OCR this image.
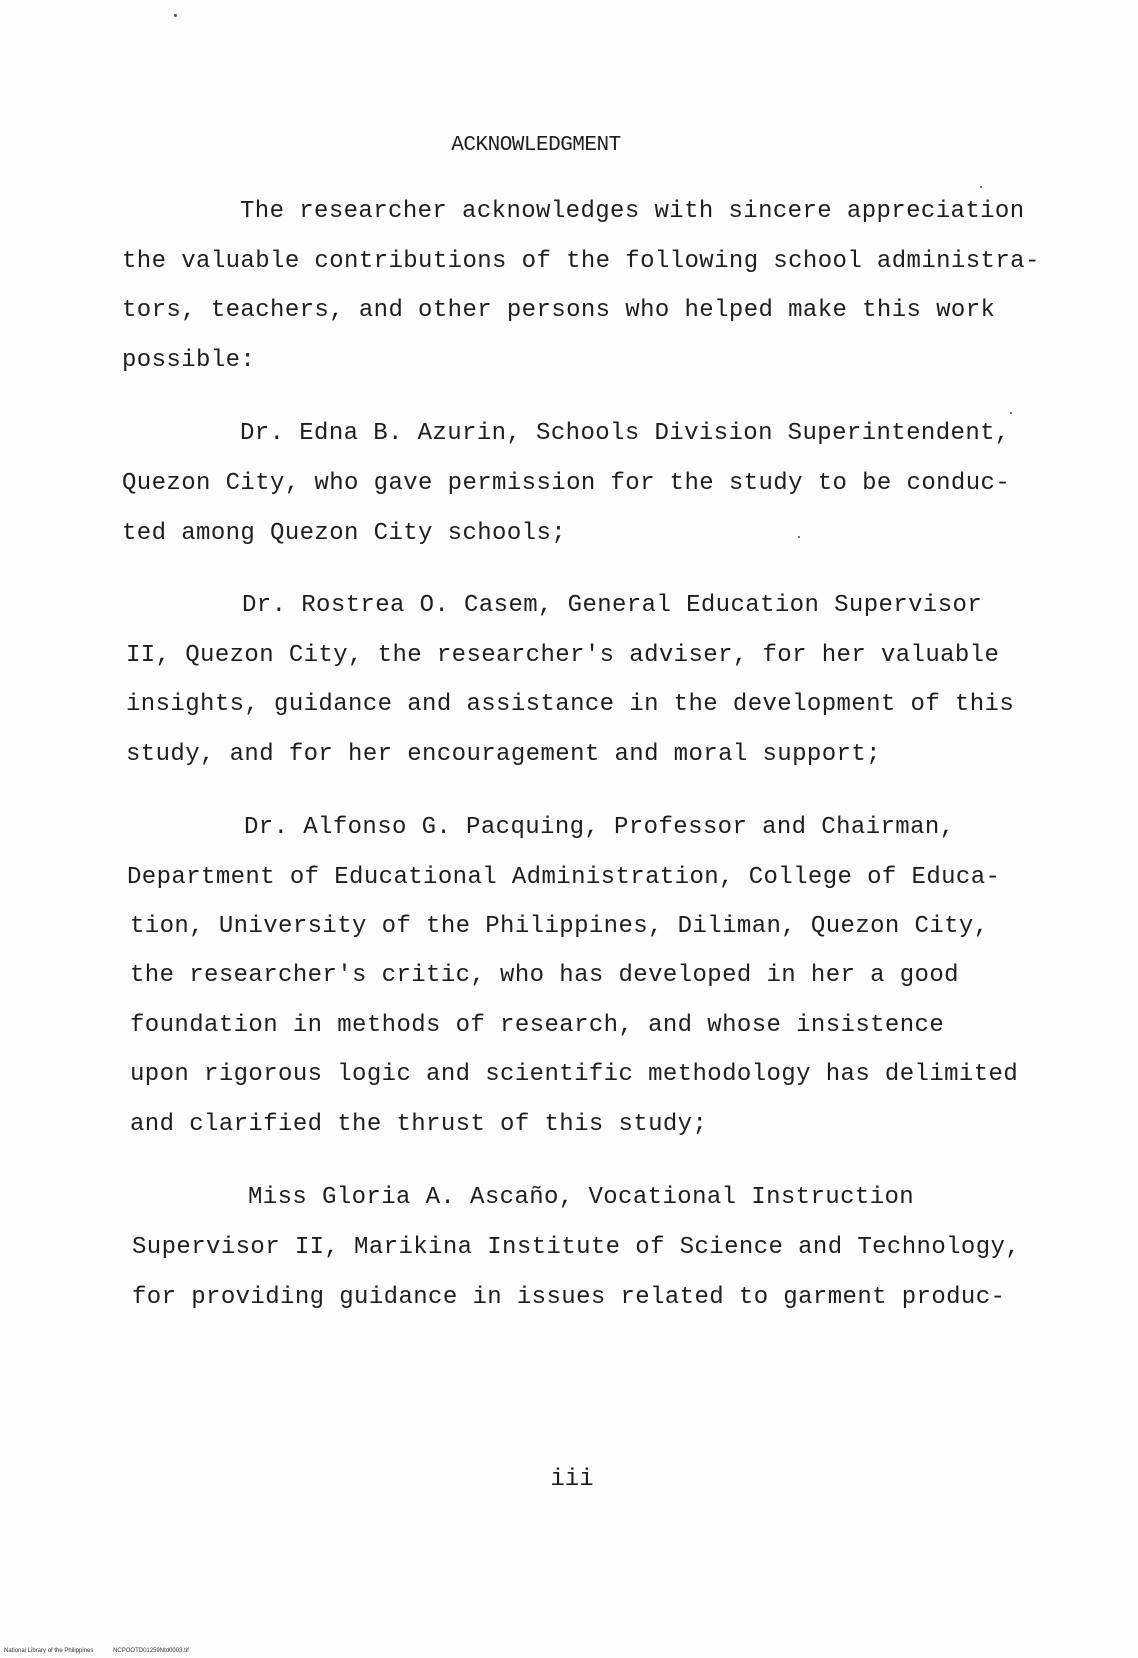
ACKNOWLEDGMENT
The researcher acknowledges with sincere appreciation
the valuable contributions of the following school administra-
tors, teachers, and other persons who helped make this work
possible:
Dr. Edna B. Azurin, Schools Division Superintendent,
Quezon City, who gave permission for the study to be conduc-
ted among Quezon City schools;
Dr. Rostrea O. Casem, General Education Supervisor
II, Quezon City, the researcher's adviser, for her valuable
insights, guidance and assistance in the development of this
study, and for her encouragement and moral support;
Dr. Alfonso G. Pacquing, Professor and Chairman,
Department of Educational Administration, College of Educa-
tion, University of the Philippines, Diliman, Quezon City,
the researcher's critic, who has developed in her a good
foundation in methods of research, and whose insistence
upon rigorous logic and scientific methodology has delimited
and clarified the thrust of this study;
Miss Gloria A. Ascaño, Vocational Instruction
Supervisor II, Marikina Institute of Science and Technology,
for providing guidance in issues related to garment produc-
iii
National Library of the Philippines	NCPOOTD01259Ntd0003.tif
